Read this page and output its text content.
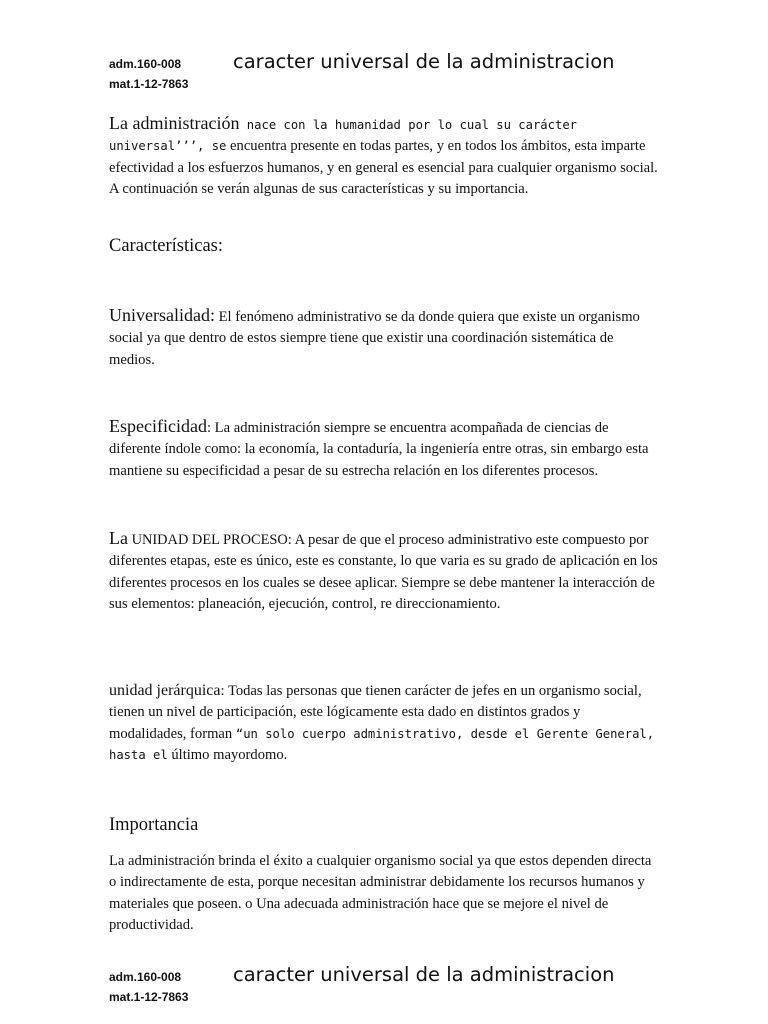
adm.160-008
mat.1-12-7863
caracter universal de la administracion

La administración nace con la humanidad por lo cual su carácter universal’’’, se encuentra presente en todas partes, y en todos los ámbitos, esta imparte efectividad a los esfuerzos humanos, y en general es esencial para cualquier organismo social. A continuación se verán algunas de sus características y su importancia.

Características:

Universalidad: El fenómeno administrativo se da donde quiera que existe un organismo social ya que dentro de estos siempre tiene que existir una coordinación sistemática de medios.

Especificidad: La administración siempre se encuentra acompañada de ciencias de diferente índole como: la economía, la contaduría, la ingeniería entre otras, sin embargo esta mantiene su especificidad a pesar de su estrecha relación en los diferentes procesos.

La UNIDAD DEL PROCESO: A pesar de que el proceso administrativo este compuesto por diferentes etapas, este es único, este es constante, lo que varia es su grado de aplicación en los diferentes procesos en los cuales se desee aplicar. Siempre se debe mantener la interacción de sus elementos: planeación, ejecución, control, re direccionamiento.

unidad jerárquica: Todas las personas que tienen carácter de jefes en un organismo social, tienen un nivel de participación, este lógicamente esta dado en distintos grados y modalidades, forman “un solo cuerpo administrativo, desde el Gerente General, hasta el último mayordomo.

Importancia

La administración brinda el éxito a cualquier organismo social ya que estos dependen directa o indirectamente de esta, porque necesitan administrar debidamente los recursos humanos y materiales que poseen. o Una adecuada administración hace que se mejore el nivel de productividad.

adm.160-008
mat.1-12-7863
caracter universal de la administracion
